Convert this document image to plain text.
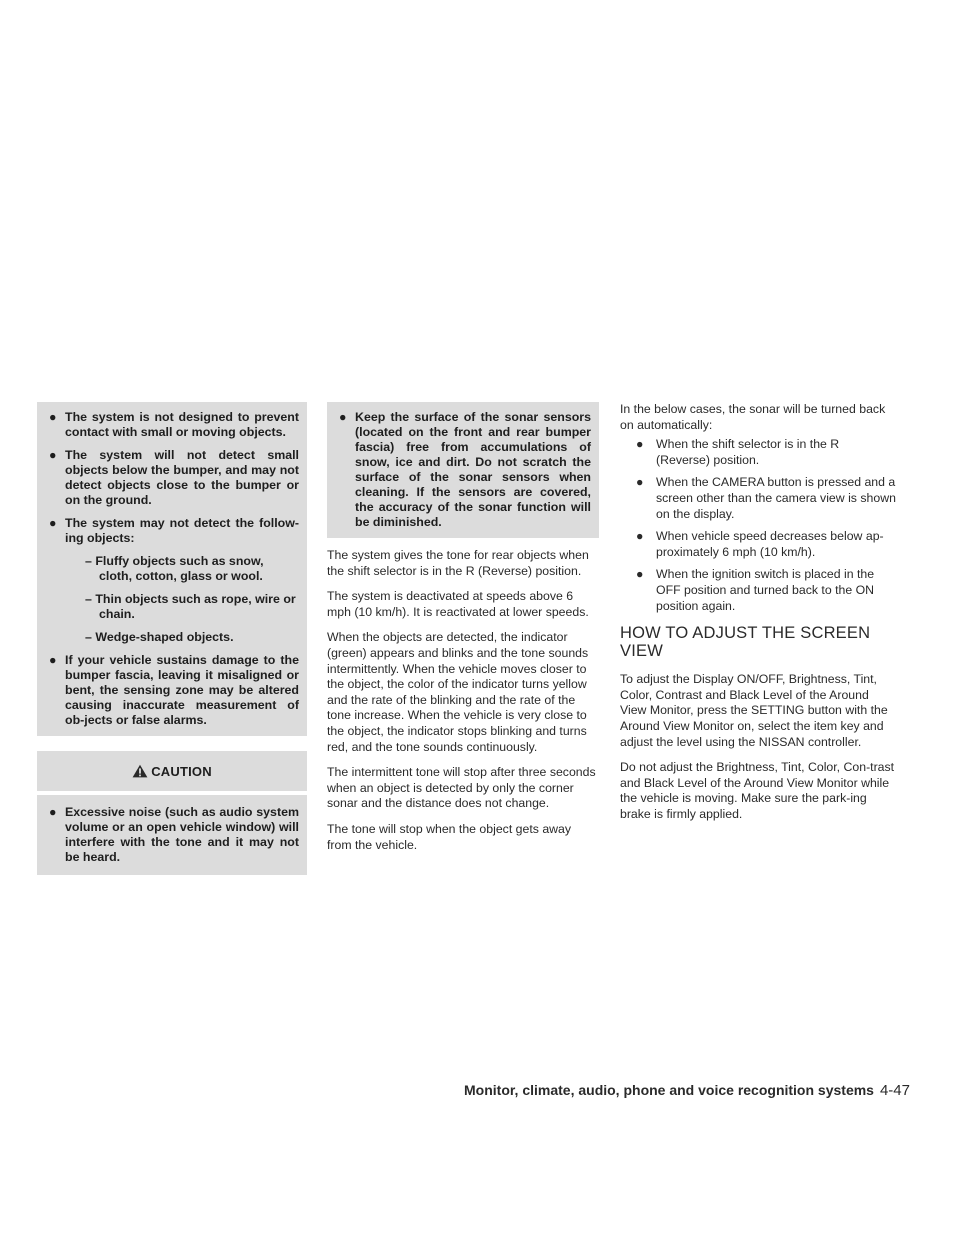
● The system is not designed to prevent contact with small or moving objects.
● The system will not detect small objects below the bumper, and may not detect objects close to the bumper or on the ground.
● The system may not detect the follow-ing objects:
– Fluffy objects such as snow, cloth, cotton, glass or wool.
– Thin objects such as rope, wire or chain.
– Wedge-shaped objects.
● If your vehicle sustains damage to the bumper fascia, leaving it misaligned or bent, the sensing zone may be altered causing inaccurate measurement of ob-jects or false alarms.
CAUTION
● Excessive noise (such as audio system volume or an open vehicle window) will interfere with the tone and it may not be heard.
● Keep the surface of the sonar sensors (located on the front and rear bumper fascia) free from accumulations of snow, ice and dirt. Do not scratch the surface of the sonar sensors when cleaning. If the sensors are covered, the accuracy of the sonar function will be diminished.

The system gives the tone for rear objects when the shift selector is in the R (Reverse) position.

The system is deactivated at speeds above 6 mph (10 km/h). It is reactivated at lower speeds.

When the objects are detected, the indicator (green) appears and blinks and the tone sounds intermittently. When the vehicle moves closer to the object, the color of the indicator turns yellow and the rate of the blinking and the rate of the tone increase. When the vehicle is very close to the object, the indicator stops blinking and turns red, and the tone sounds continuously.

The intermittent tone will stop after three seconds when an object is detected by only the corner sonar and the distance does not change.

The tone will stop when the object gets away from the vehicle.

In the below cases, the sonar will be turned back on automatically:

● When the shift selector is in the R (Reverse) position.
● When the CAMERA button is pressed and a screen other than the camera view is shown on the display.
● When vehicle speed decreases below ap-proximately 6 mph (10 km/h).
● When the ignition switch is placed in the OFF position and turned back to the ON position again.
HOW TO ADJUST THE SCREEN VIEW

To adjust the Display ON/OFF, Brightness, Tint, Color, Contrast and Black Level of the Around View Monitor, press the SETTING button with the Around View Monitor on, select the item key and adjust the level using the NISSAN controller.

Do not adjust the Brightness, Tint, Color, Con-trast and Black Level of the Around View Monitor while the vehicle is moving. Make sure the park-ing brake is firmly applied.

Monitor, climate, audio, phone and voice recognition systems 4-47
